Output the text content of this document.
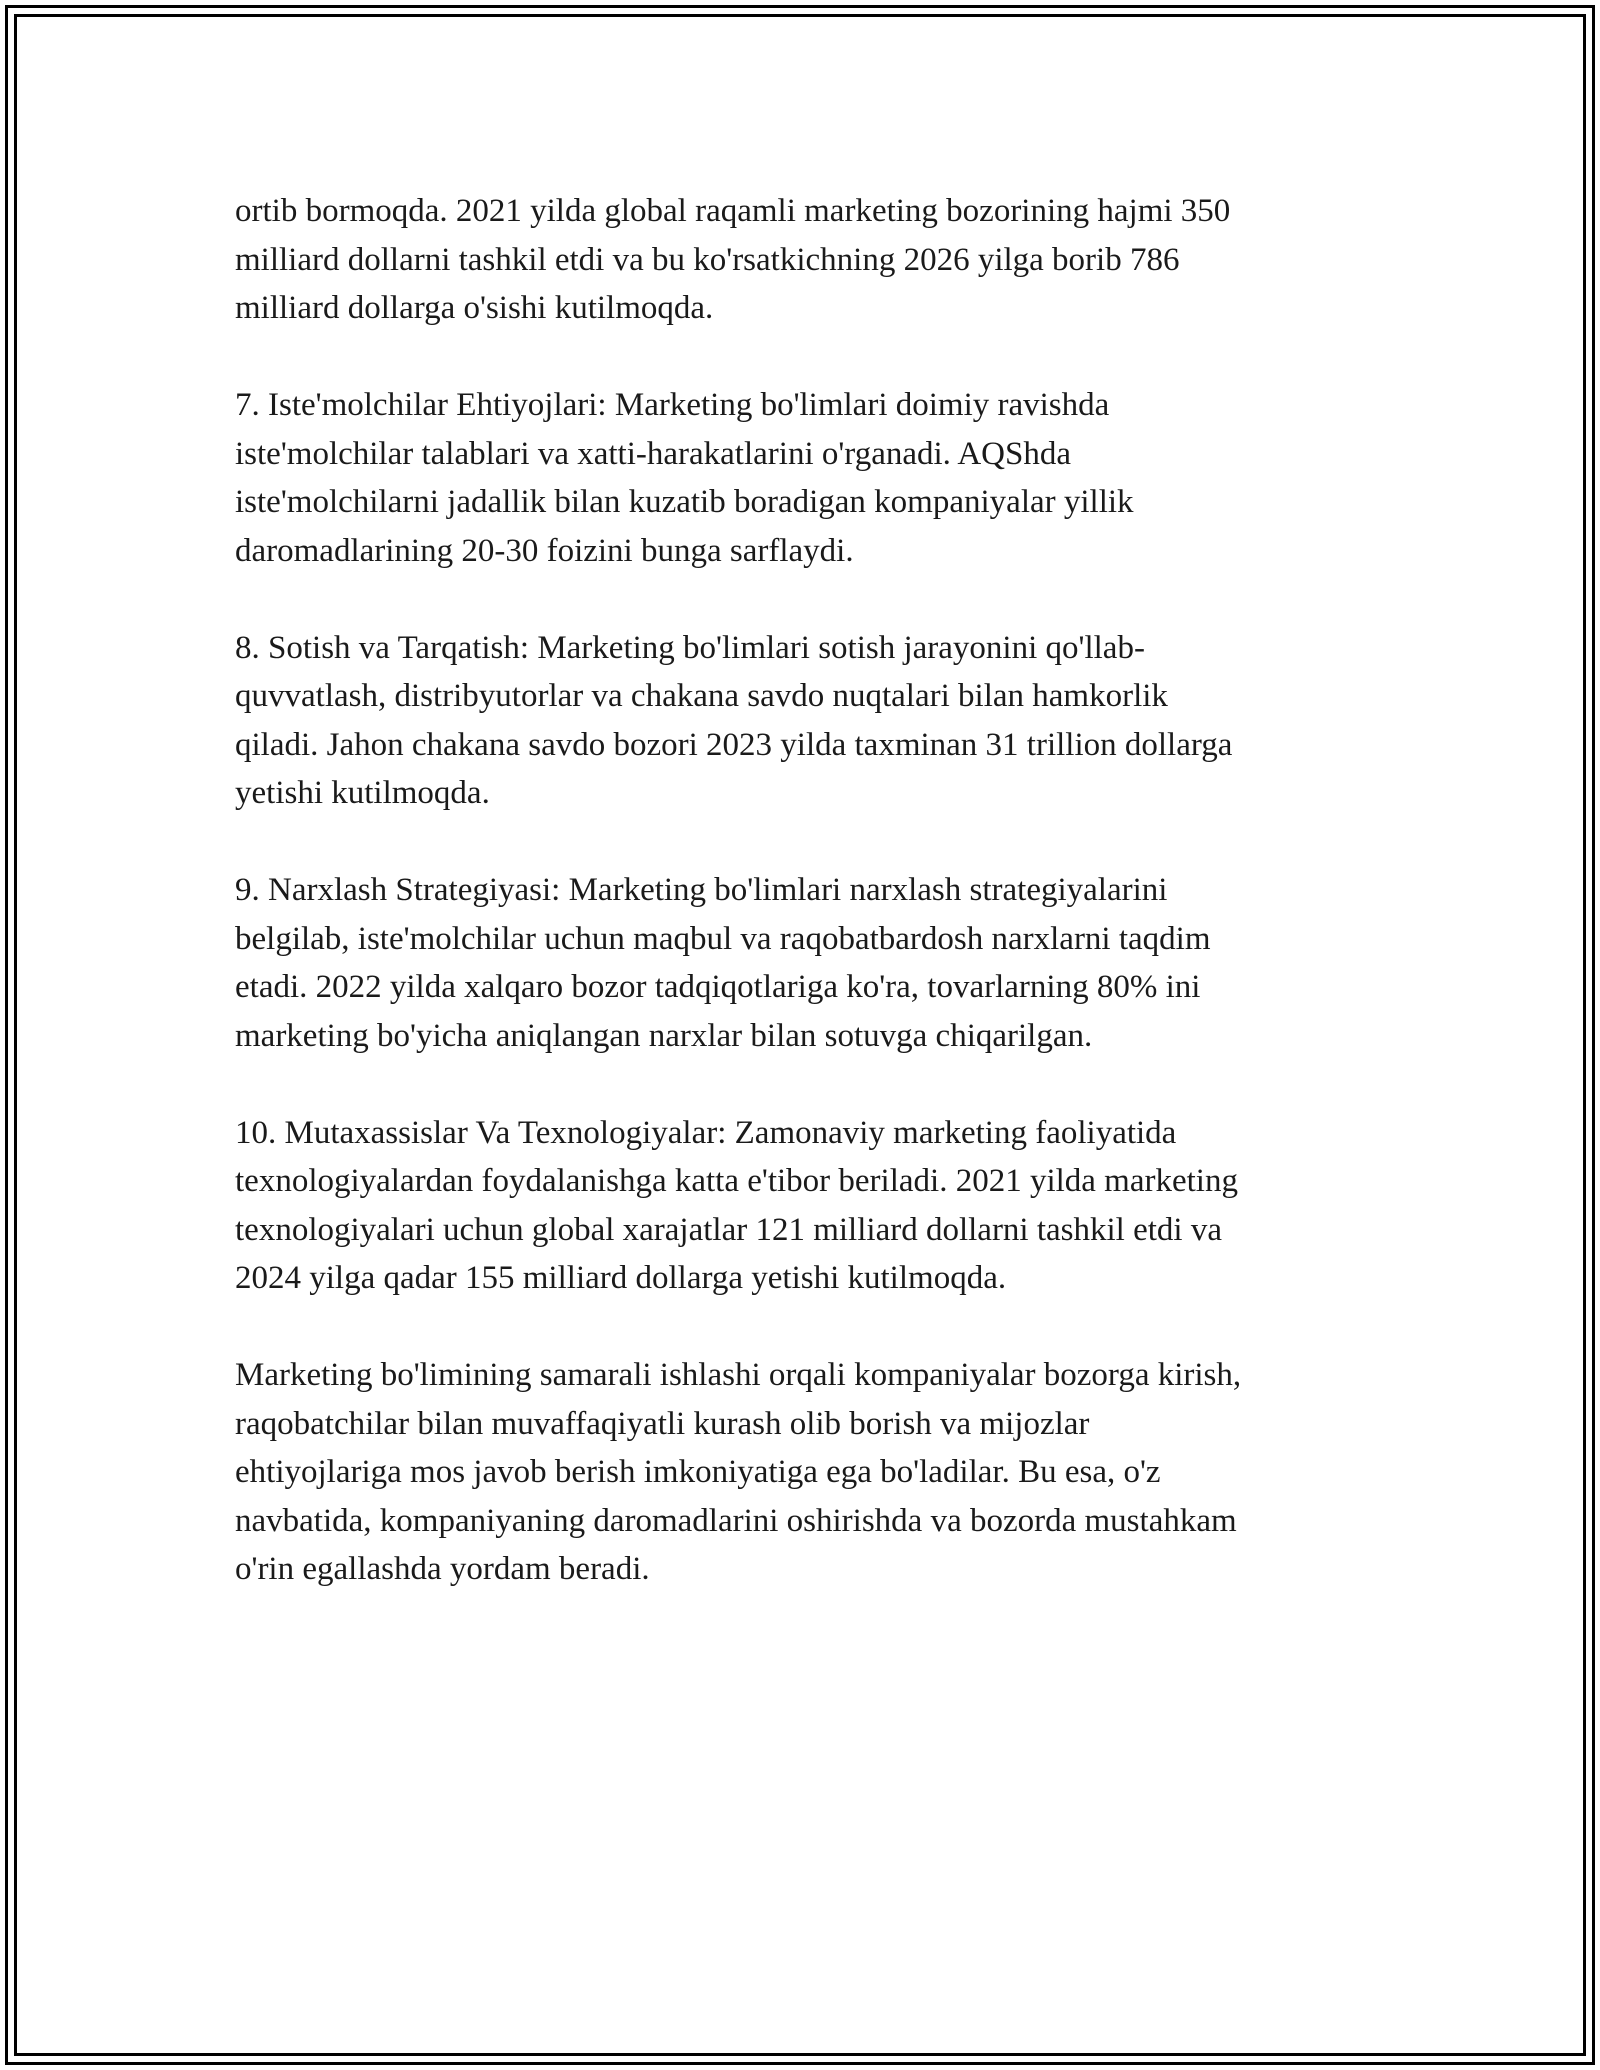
ortib bormoqda. 2021 yilda global raqamli marketing bozorining hajmi 350
milliard dollarni tashkil etdi va bu ko'rsatkichning 2026 yilga borib 786
milliard dollarga o'sishi kutilmoqda.

7. Iste'molchilar Ehtiyojlari: Marketing bo'limlari doimiy ravishda
iste'molchilar talablari va xatti-harakatlarini o'rganadi. AQShda
iste'molchilarni jadallik bilan kuzatib boradigan kompaniyalar yillik
daromadlarining 20-30 foizini bunga sarflaydi.

8. Sotish va Tarqatish: Marketing bo'limlari sotish jarayonini qo'llab-
quvvatlash, distribyutorlar va chakana savdo nuqtalari bilan hamkorlik
qiladi. Jahon chakana savdo bozori 2023 yilda taxminan 31 trillion dollarga
yetishi kutilmoqda.

9. Narxlash Strategiyasi: Marketing bo'limlari narxlash strategiyalarini
belgilab, iste'molchilar uchun maqbul va raqobatbardosh narxlarni taqdim
etadi. 2022 yilda xalqaro bozor tadqiqotlariga ko'ra, tovarlarning 80% ini
marketing bo'yicha aniqlangan narxlar bilan sotuvga chiqarilgan.

10. Mutaxassislar Va Texnologiyalar: Zamonaviy marketing faoliyatida
texnologiyalardan foydalanishga katta e'tibor beriladi. 2021 yilda marketing
texnologiyalari uchun global xarajatlar 121 milliard dollarni tashkil etdi va
2024 yilga qadar 155 milliard dollarga yetishi kutilmoqda.

Marketing bo'limining samarali ishlashi orqali kompaniyalar bozorga kirish,
raqobatchilar bilan muvaffaqiyatli kurash olib borish va mijozlar
ehtiyojlariga mos javob berish imkoniyatiga ega bo'ladilar. Bu esa, o'z
navbatida, kompaniyaning daromadlarini oshirishda va bozorda mustahkam
o'rin egallashda yordam beradi.
